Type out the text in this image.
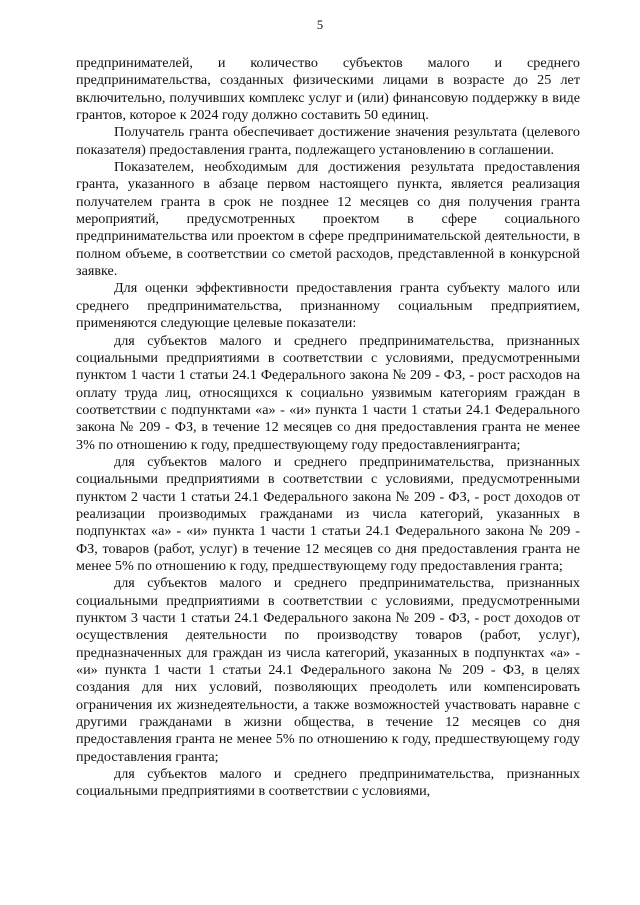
5

предпринимателей, и количество субъектов малого и среднего предпринимательства, созданных физическими лицами в возрасте до 25 лет включительно, получивших комплекс услуг и (или) финансовую поддержку в виде грантов, которое к 2024 году должно составить 50 единиц.

Получатель гранта обеспечивает достижение значения результата (целевого показателя) предоставления гранта, подлежащего установлению в соглашении.

Показателем, необходимым для достижения результата предоставления гранта, указанного в абзаце первом настоящего пункта, является реализация получателем гранта в срок не позднее 12 месяцев со дня получения гранта мероприятий, предусмотренных проектом в сфере социального предпринимательства или проектом в сфере предпринимательской деятельности, в полном объеме, в соответствии со сметой расходов, представленной в конкурсной заявке.

Для оценки эффективности предоставления гранта субъекту малого или среднего предпринимательства, признанному социальным предприятием, применяются следующие целевые показатели:

для субъектов малого и среднего предпринимательства, признанных социальными предприятиями в соответствии с условиями, предусмотренными пунктом 1 части 1 статьи 24.1 Федерального закона № 209 - ФЗ, - рост расходов на оплату труда лиц, относящихся к социально уязвимым категориям граждан в соответствии с подпунктами «а» - «и» пункта 1 части 1 статьи 24.1 Федерального закона № 209 - ФЗ, в течение 12 месяцев со дня предоставления гранта не менее 3% по отношению к году, предшествующему году предоставлениягранта;

для субъектов малого и среднего предпринимательства, признанных социальными предприятиями в соответствии с условиями, предусмотренными пунктом 2 части 1 статьи 24.1 Федерального закона № 209 - ФЗ, - рост доходов от реализации производимых гражданами из числа категорий, указанных в подпунктах «а» - «и» пункта 1 части 1 статьи 24.1 Федерального закона № 209 - ФЗ, товаров (работ, услуг) в течение 12 месяцев со дня предоставления гранта не менее 5% по отношению к году, предшествующему году предоставления гранта;

для субъектов малого и среднего предпринимательства, признанных социальными предприятиями в соответствии с условиями, предусмотренными пунктом 3 части 1 статьи 24.1 Федерального закона № 209 - ФЗ, - рост доходов от осуществления деятельности по производству товаров (работ, услуг), предназначенных для граждан из числа категорий, указанных в подпунктах «а» - «и» пункта 1 части 1 статьи 24.1 Федерального закона № 209 - ФЗ, в целях создания для них условий, позволяющих преодолеть или компенсировать ограничения их жизнедеятельности, а также возможностей участвовать наравне с другими гражданами в жизни общества, в течение 12 месяцев со дня предоставления гранта не менее 5% по отношению к году, предшествующему году предоставления гранта;

для субъектов малого и среднего предпринимательства, признанных социальными предприятиями в соответствии с условиями,
